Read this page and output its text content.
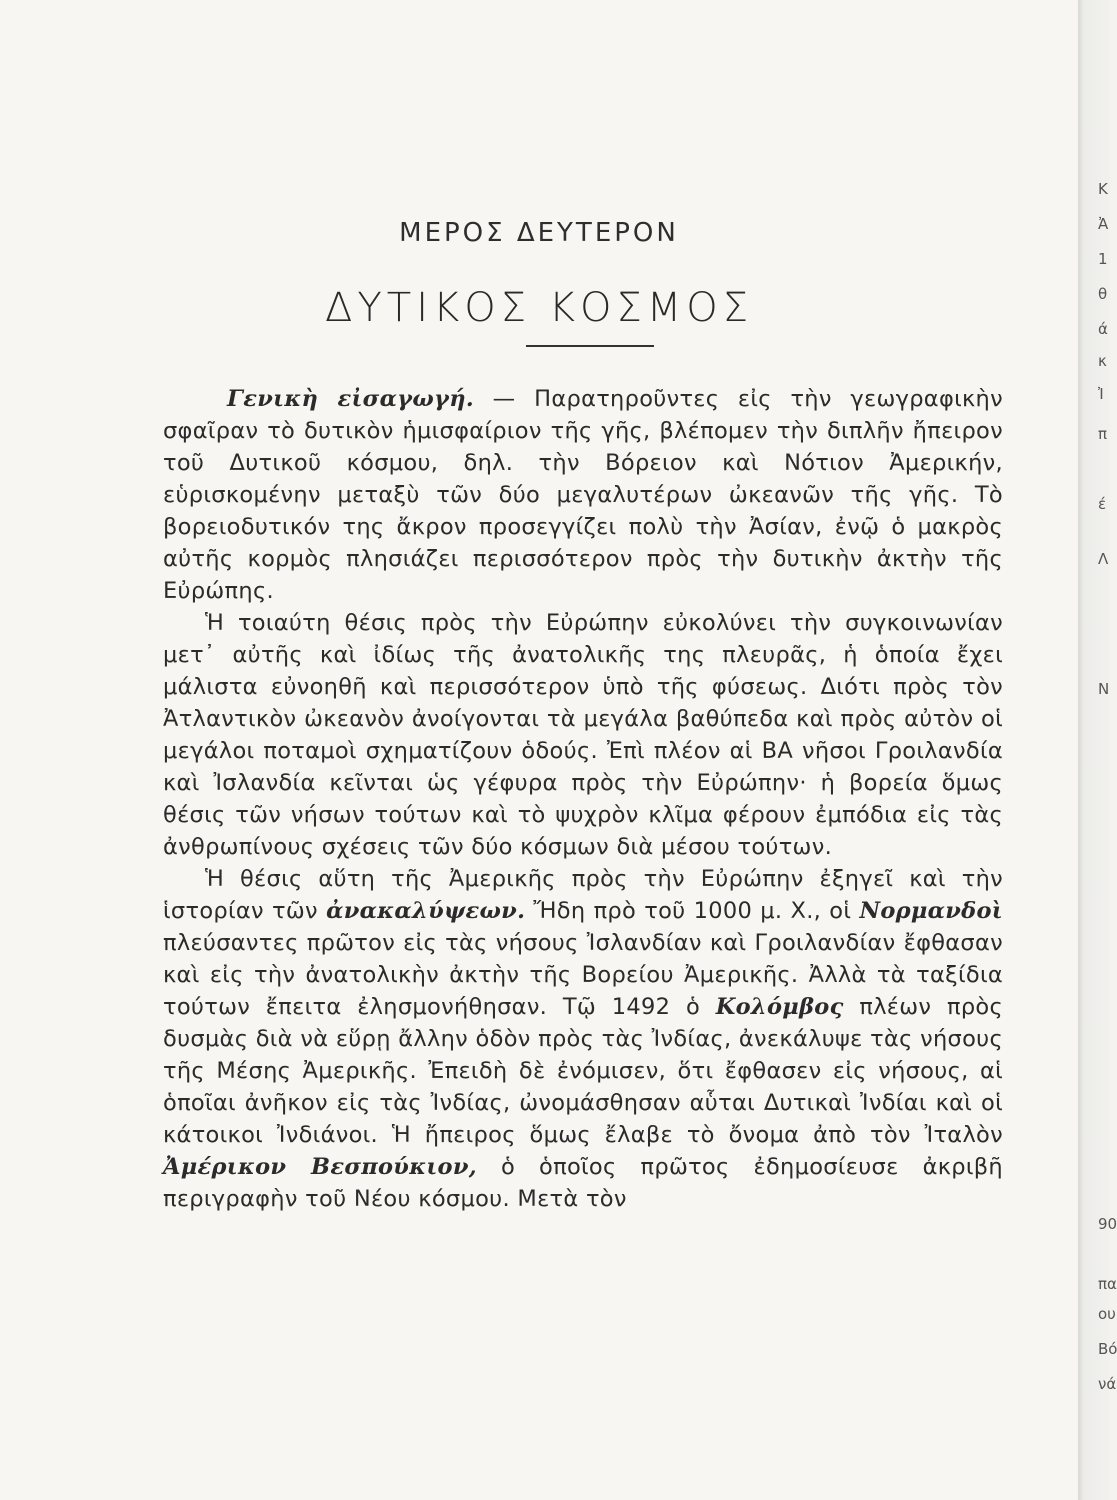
ΜΕΡΟΣ ΔΕΥΤΕΡΟΝ
ΔΥΤΙΚΟΣ ΚΟΣΜΟΣ

Γενικὴ εἰσαγωγή. — Παρατηροῦντες εἰς τὴν γεωγραφικὴν σφαῖραν τὸ δυτικὸν ἡμισφαίριον τῆς γῆς, βλέπομεν τὴν διπλῆν ἤπειρον τοῦ Δυτικοῦ κόσμου, δηλ. τὴν Βόρειον καὶ Νότιον Ἀμερικήν, εὑρισκομένην μεταξὺ τῶν δύο μεγαλυτέρων ὠκεανῶν τῆς γῆς. Τὸ βορειοδυτικόν της ἄκρον προσεγγίζει πολὺ τὴν Ἀσίαν, ἐνῷ ὁ μακρὸς αὐτῆς κορμὸς πλησιάζει περισσότερον πρὸς τὴν δυτικὴν ἀκτὴν τῆς Εὐρώπης.

Ἡ τοιαύτη θέσις πρὸς τὴν Εὐρώπην εὐκολύνει τὴν συγκοινωνίαν μετ᾽ αὐτῆς καὶ ἰδίως τῆς ἀνατολικῆς της πλευρᾶς, ἡ ὁποία ἔχει μάλιστα εὐνοηθῆ καὶ περισσότερον ὑπὸ τῆς φύσεως. Διότι πρὸς τὸν Ἀτλαντικὸν ὠκεανὸν ἀνοίγονται τὰ μεγάλα βαθύπεδα καὶ πρὸς αὐτὸν οἱ μεγάλοι ποταμοὶ σχηματίζουν ὁδούς. Ἐπὶ πλέον αἱ ΒΑ νῆσοι Γροιλανδία καὶ Ἰσλανδία κεῖνται ὡς γέφυρα πρὸς τὴν Εὐρώπην· ἡ βορεία ὅμως θέσις τῶν νήσων τούτων καὶ τὸ ψυχρὸν κλῖμα φέρουν ἐμπόδια εἰς τὰς ἀνθρωπίνους σχέσεις τῶν δύο κόσμων διὰ μέσου τούτων.

Ἡ θέσις αὕτη τῆς Ἀμερικῆς πρὸς τὴν Εὐρώπην ἐξηγεῖ καὶ τὴν ἱστορίαν τῶν ἀνακαλύψεων. Ἤδη πρὸ τοῦ 1000 μ. Χ., οἱ Νορμανδοὶ πλεύσαντες πρῶτον εἰς τὰς νήσους Ἰσλανδίαν καὶ Γροιλανδίαν ἔφθασαν καὶ εἰς τὴν ἀνατολικὴν ἀκτὴν τῆς Βορείου Ἀμερικῆς. Ἀλλὰ τὰ ταξίδια τούτων ἔπειτα ἐλησμονήθησαν. Τῷ 1492 ὁ Κολόμβος πλέων πρὸς δυσμὰς διὰ νὰ εὕρῃ ἄλλην ὁδὸν πρὸς τὰς Ἰνδίας, ἀνεκάλυψε τὰς νήσους τῆς Μέσης Ἀμερικῆς. Ἐπειδὴ δὲ ἐνόμισεν, ὅτι ἔφθασεν εἰς νήσους, αἱ ὁποῖαι ἀνῆκον εἰς τὰς Ἰνδίας, ὠνομάσθησαν αὗται Δυτικαὶ Ἰνδίαι καὶ οἱ κάτοικοι Ἰνδιάνοι. Ἡ ἤπειρος ὅμως ἔλαβε τὸ ὄνομα ἀπὸ τὸν Ἰταλὸν Ἀμέρικον Βεσπούκιον, ὁ ὁποῖος πρῶτος ἐδημοσίευσε ἀκριβῆ περιγραφὴν τοῦ Νέου κόσμου. Μετὰ τὸν

Κ
Ἀ
1
θ
ά
κ
Ἰ
π
έ
Λ
Ν
90
πα
ου
Βό
νά
